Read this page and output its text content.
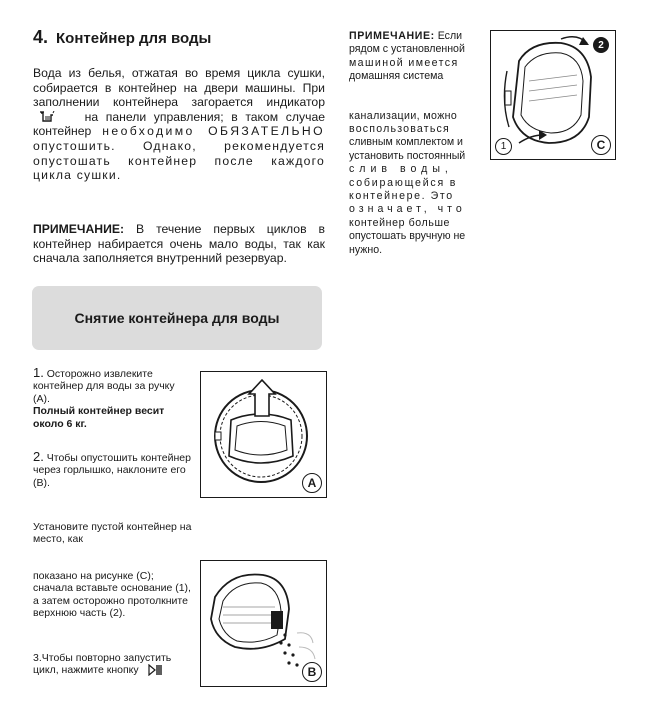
4. Контейнер для воды
Вода из белья, отжатая во время цикла сушки, собирается в контейнер на двери машины. При заполнении контейнера загорается индикатор
на панели управления; в таком случае контейнер необходимо ОБЯЗАТЕЛЬНО опустошить. Однако, рекомендуется опустошать контейнер после каждого цикла сушки.
ПРИМЕЧАНИЕ: В течение первых циклов в контейнер набирается очень мало воды, так как сначала заполняется внутренний резервуар.
Снятие контейнера для воды
1. Осторожно извлеките контейнер для воды за ручку (A).
Полный контейнер весит около 6 кг.
2. Чтобы опустошить контейнер через горлышко, наклоните его (B).
Установите пустой контейнер на место, как
показано на рисунке (C); сначала вставьте основание (1), а затем осторожно протолкните верхнюю часть (2).
3.Чтобы повторно запустить цикл, нажмите кнопку
A
B
ПРИМЕЧАНИЕ: Если
рядом с установленной
машиной имеется
домашняя система
канализации, можно
воспользоваться
сливным комплектом и
установить постоянный
слив воды,
собирающейся в
контейнере. Это
означает, что
контейнер больше
опустошать вручную не
нужно.
2
1	C
